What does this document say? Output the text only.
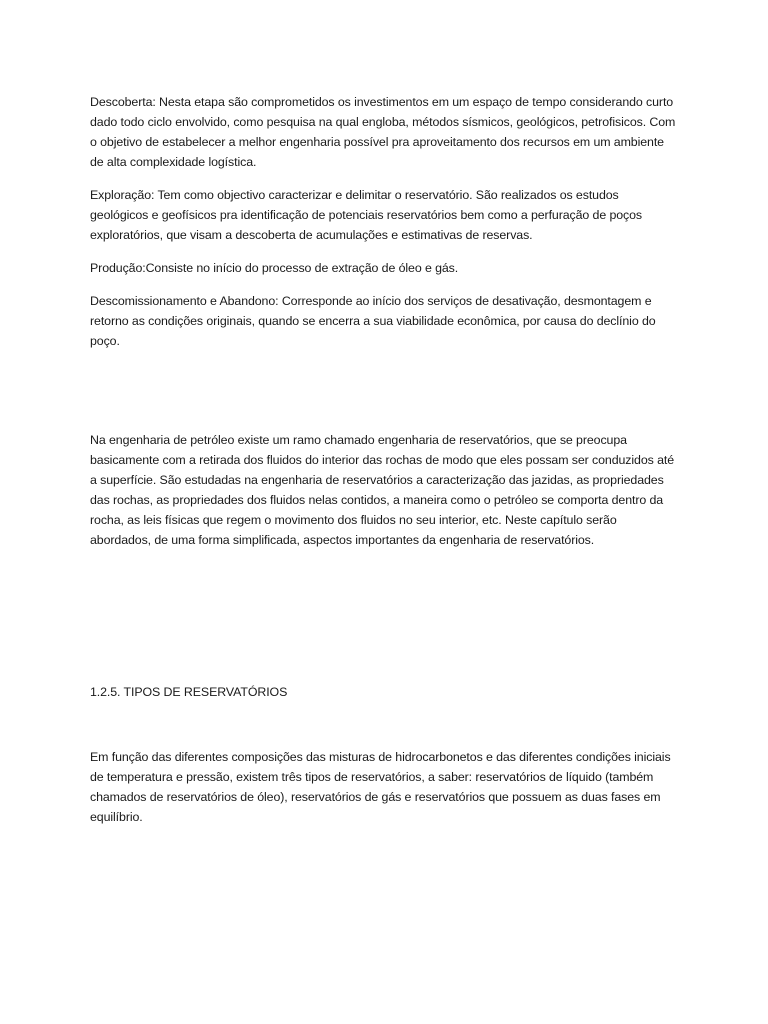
Descoberta: Nesta etapa são comprometidos os investimentos em um espaço de tempo considerando curto dado todo ciclo envolvido, como pesquisa na qual engloba, métodos sísmicos, geológicos, petrofisicos. Com o objetivo de estabelecer a melhor engenharia possível pra aproveitamento dos recursos em um ambiente de alta complexidade logística.

Exploração: Tem como objectivo caracterizar e delimitar o reservatório. São realizados os estudos geológicos e geofísicos pra identificação de potenciais reservatórios bem como a perfuração de poços exploratórios, que visam a descoberta de acumulações e estimativas de reservas.

Produção:Consiste no início do processo de extração de óleo e gás.

Descomissionamento e Abandono: Corresponde ao início dos serviços de desativação, desmontagem e retorno as condições originais, quando se encerra a sua viabilidade econômica, por causa do declínio do poço.

Na engenharia de petróleo existe um ramo chamado engenharia de reservatórios, que se preocupa basicamente com a retirada dos fluidos do interior das rochas de modo que eles possam ser conduzidos até a superfície. São estudadas na engenharia de reservatórios a caracterização das jazidas, as propriedades das rochas, as propriedades dos fluidos nelas contidos, a maneira como o petróleo se comporta dentro da rocha, as leis físicas que regem o movimento dos fluidos no seu interior, etc. Neste capítulo serão abordados, de uma forma simplificada, aspectos importantes da engenharia de reservatórios.

1.2.5. TIPOS DE RESERVATÓRIOS

Em função das diferentes composições das misturas de hidrocarbonetos e das diferentes condições iniciais de temperatura e pressão, existem três tipos de reservatórios, a saber: reservatórios de líquido (também chamados de reservatórios de óleo), reservatórios de gás e reservatórios que possuem as duas fases em equilíbrio.
